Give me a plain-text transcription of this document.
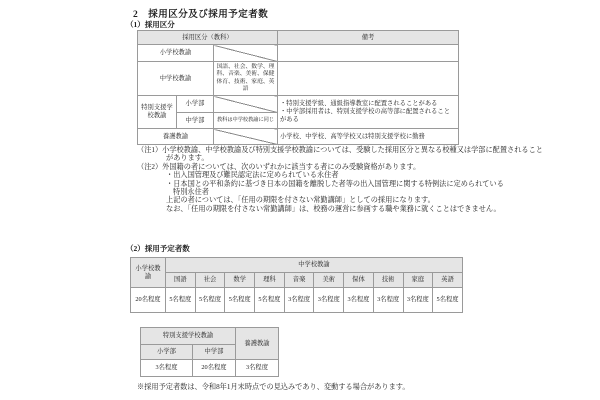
2　採用区分及び採用予定者数
（1）採用区分
採用区分（教科）			備考
小学校教諭			
中学校教諭		国語、社会、数学、理科、音楽、美術、保健体育、技術、家庭、英語	
特別支援学校教諭	小学部		・特別支援学級、通級指導教室に配置されることがある
・中学部採用者は、特別支援学校の高等部に配置されることがある

	中学部	教科は中学校教諭に同じ	
養護教諭			小学校、中学校、高等学校又は特別支援学校に勤務
（注1）小学校教諭、中学校教諭及び特別支援学校教諭については、受験した採用区分と異なる校種又は学部に配置されることがあります。
（注2）外国籍の者については、次のいずれかに該当する者にのみ受験資格があります。
・出入国管理及び難民認定法に定められている永住者
・日本国との平和条約に基づき日本の国籍を離脱した者等の出入国管理に関する特例法に定められている
特別永住者
上記の者については、「任用の期限を付さない常勤講師」としての採用になります。
なお、「任用の期限を付さない常勤講師」は、校務の運営に参画する職や業務に就くことはできません。
（2）採用予定者数
小学校教諭	中学校教諭									
	国語	社会	数学	理科	音楽	美術	保体	技術	家庭	英語
20名程度	5名程度	5名程度	5名程度	5名程度	3名程度	3名程度	3名程度	3名程度	3名程度	5名程度
特別支援学校教諭		養護教諭
小学部	中学部	
3名程度	20名程度	3名程度
※採用予定者数は、令和8年1月末時点での見込みであり、変動する場合があります。
